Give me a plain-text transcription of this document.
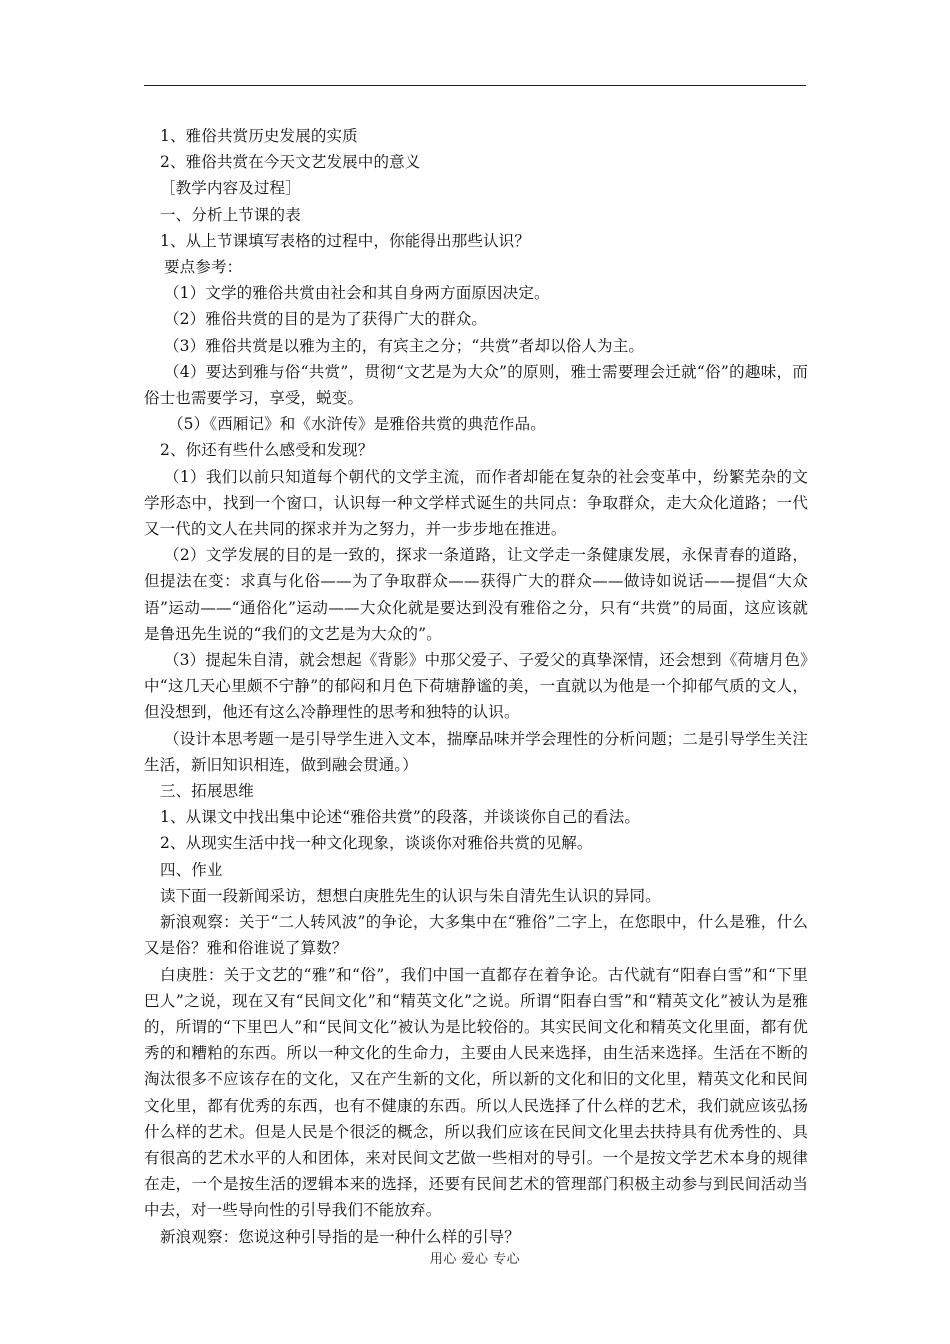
1、雅俗共赏历史发展的实质

2、雅俗共赏在今天文艺发展中的意义

［教学内容及过程］

一、分析上节课的表

1、从上节课填写表格的过程中，你能得出那些认识？

要点参考：

（1）文学的雅俗共赏由社会和其自身两方面原因决定。

（2）雅俗共赏的目的是为了获得广大的群众。

（3）雅俗共赏是以雅为主的，有宾主之分；“共赏”者却以俗人为主。

（4）要达到雅与俗“共赏”，贯彻“文艺是为大众”的原则，雅士需要理会迁就“俗”的趣味，而俗士也需要学习，享受，蜕变。

（5）《西厢记》和《水浒传》是雅俗共赏的典范作品。

2、你还有些什么感受和发现？

（1）我们以前只知道每个朝代的文学主流，而作者却能在复杂的社会变革中，纷繁芜杂的文学形态中，找到一个窗口，认识每一种文学样式诞生的共同点：争取群众，走大众化道路；一代又一代的文人在共同的探求并为之努力，并一步步地在推进。

（2）文学发展的目的是一致的，探求一条道路，让文学走一条健康发展，永保青春的道路，但提法在变：求真与化俗——为了争取群众——获得广大的群众——做诗如说话——提倡“大众语”运动——“通俗化”运动——大众化就是要达到没有雅俗之分，只有“共赏”的局面，这应该就是鲁迅先生说的“我们的文艺是为大众的”。

（3）提起朱自清，就会想起《背影》中那父爱子、子爱父的真挚深情，还会想到《荷塘月色》中“这几天心里颇不宁静”的郁闷和月色下荷塘静谧的美，一直就以为他是一个抑郁气质的文人，但没想到，他还有这么冷静理性的思考和独特的认识。

（设计本思考题一是引导学生进入文本，揣摩品味并学会理性的分析问题；二是引导学生关注生活，新旧知识相连，做到融会贯通。）

三、拓展思维

1、从课文中找出集中论述“雅俗共赏”的段落，并谈谈你自己的看法。

2、从现实生活中找一种文化现象，谈谈你对雅俗共赏的见解。

四、作业

读下面一段新闻采访，想想白庚胜先生的认识与朱自清先生认识的异同。

新浪观察：关于“二人转风波”的争论，大多集中在“雅俗”二字上，在您眼中，什么是雅，什么又是俗？雅和俗谁说了算数？

白庚胜：关于文艺的“雅”和“俗”，我们中国一直都存在着争论。古代就有“阳春白雪”和“下里巴人”之说，现在又有“民间文化”和“精英文化”之说。所谓“阳春白雪”和“精英文化”被认为是雅的，所谓的“下里巴人”和“民间文化”被认为是比较俗的。其实民间文化和精英文化里面，都有优秀的和糟粕的东西。所以一种文化的生命力，主要由人民来选择，由生活来选择。生活在不断的淘汰很多不应该存在的文化，又在产生新的文化，所以新的文化和旧的文化里，精英文化和民间文化里，都有优秀的东西，也有不健康的东西。所以人民选择了什么样的艺术，我们就应该弘扬什么样的艺术。但是人民是个很泛的概念，所以我们应该在民间文化里去扶持具有优秀性的、具有很高的艺术水平的人和团体，来对民间文艺做一些相对的导引。一个是按文学艺术本身的规律在走，一个是按生活的逻辑本来的选择，还要有民间艺术的管理部门积极主动参与到民间活动当中去，对一些导向性的引导我们不能放弃。

新浪观察：您说这种引导指的是一种什么样的引导？

用心 爱心 专心
